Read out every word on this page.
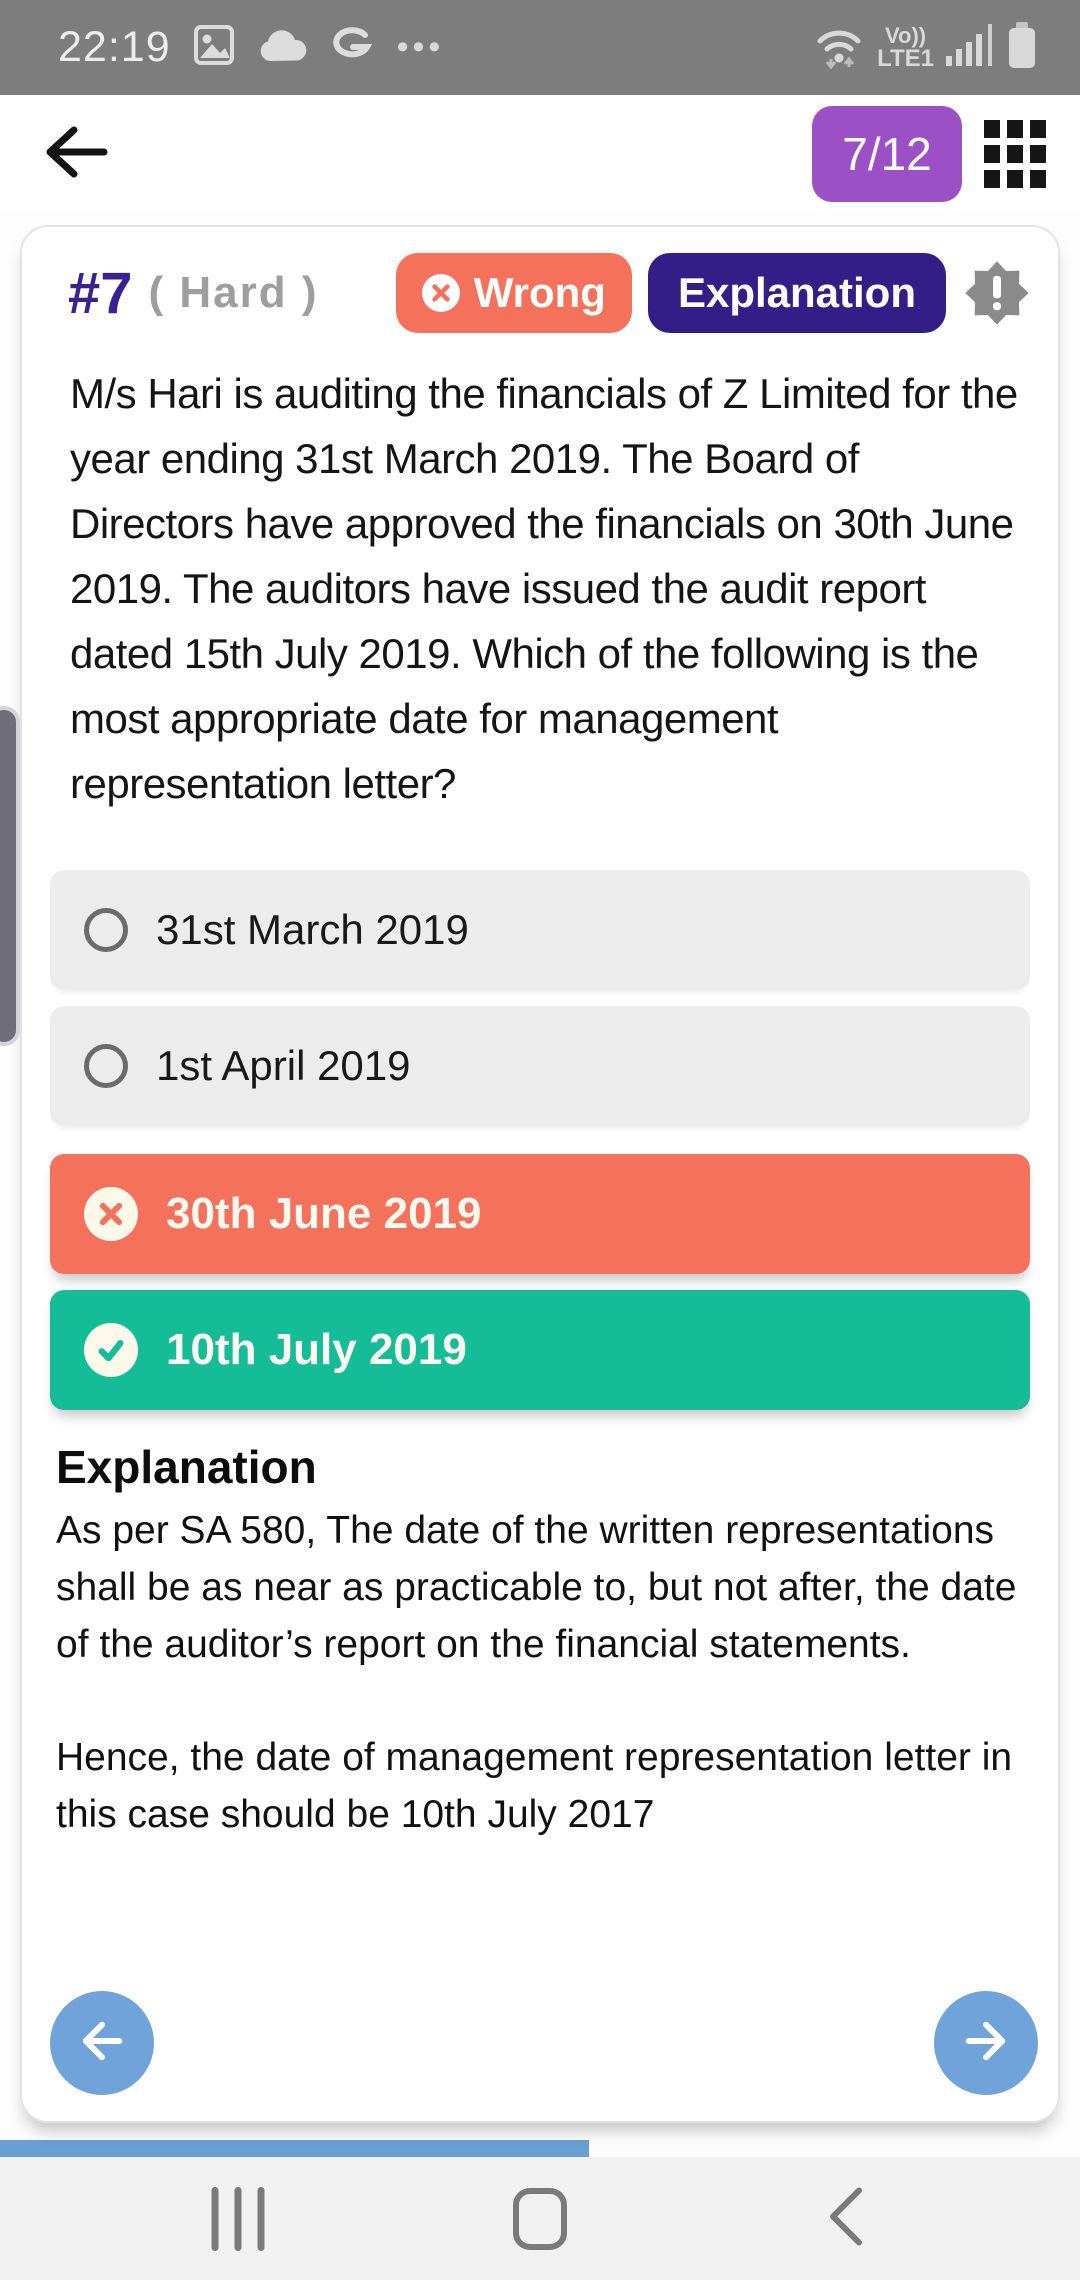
22:19	•••	Vo))
LTE1
7/12
#7 ( Hard )	Wrong Explanation
M/s Hari is auditing the financials of Z Limited for the year ending 31st March 2019. The Board of Directors have approved the financials on 30th June 2019. The auditors have issued the audit report dated 15th July 2019. Which of the following is the most appropriate date for management representation letter?
31st March 2019
1st April 2019
30th June 2019
10th July 2019
Explanation
As per SA 580, The date of the written representations shall be as near as practicable to, but not after, the date of the auditor’s report on the financial statements.
Hence, the date of management representation letter in this case should be 10th July 2017
